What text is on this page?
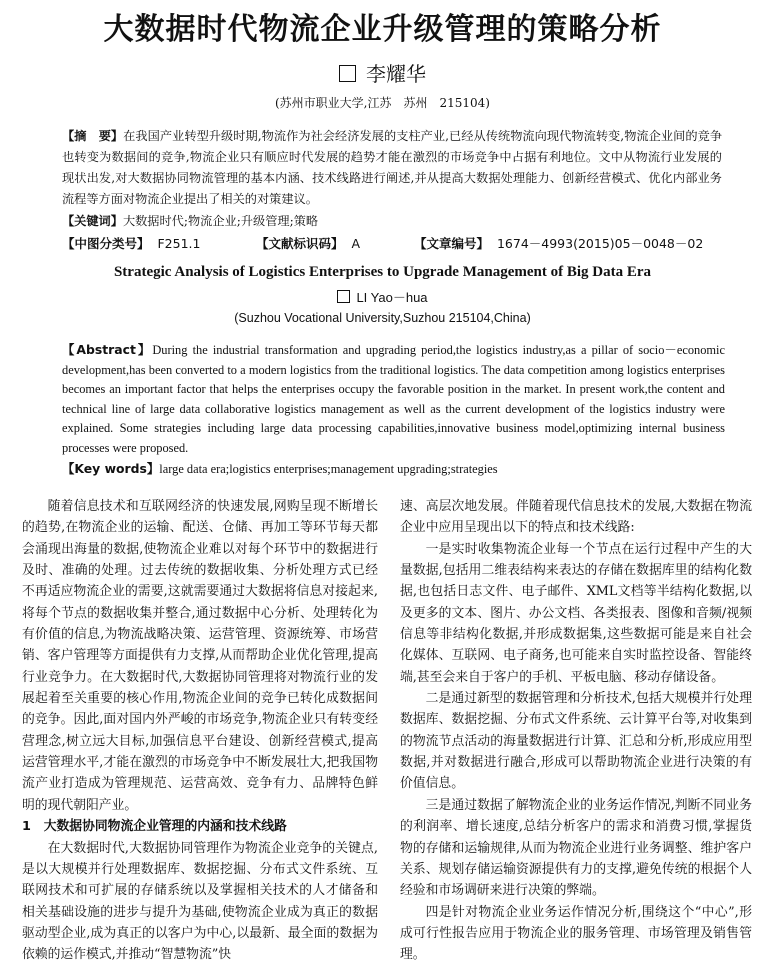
大数据时代物流企业升级管理的策略分析
李耀华
(苏州市职业大学,江苏　苏州　215104)
【摘　要】在我国产业转型升级时期,物流作为社会经济发展的支柱产业,已经从传统物流向现代物流转变,物流企业间的竞争也转变为数据间的竞争,物流企业只有顺应时代发展的趋势才能在激烈的市场竞争中占据有利地位。文中从物流行业发展的现状出发,对大数据协同物流管理的基本内涵、技术线路进行阐述,并从提高大数据处理能力、创新经营模式、优化内部业务流程等方面对物流企业提出了相关的对策建议。
【关键词】大数据时代;物流企业;升级管理;策略
【中图分类号】 F251.1	【文献标识码】 A	【文章编号】 1674－4993(2015)05－0048－02
Strategic Analysis of Logistics Enterprises to Upgrade Management of Big Data Era
LI Yao－hua
(Suzhou Vocational University,Suzhou 215104,China)
【Abstract】During the industrial transformation and upgrading period,the logistics industry,as a pillar of socio－economic development,has been converted to a modern logistics from the traditional logistics. The data competition among logistics enterprises becomes an important factor that helps the enterprises occupy the favorable position in the market. In present work,the content and technical line of large data collaborative logistics management as well as the current development of the logistics industry were explained. Some strategies including large data processing capabilities,innovative business model,optimizing internal business processes were proposed.
【Key words】large data era;logistics enterprises;management upgrading;strategies

随着信息技术和互联网经济的快速发展,网购呈现不断增长的趋势,在物流企业的运输、配送、仓储、再加工等环节每天都会涌现出海量的数据,使物流企业难以对每个环节中的数据进行及时、准确的处理。过去传统的数据收集、分析处理方式已经不再适应物流企业的需要,这就需要通过大数据将信息对接起来,将每个节点的数据收集并整合,通过数据中心分析、处理转化为有价值的信息,为物流战略决策、运营管理、资源统筹、市场营销、客户管理等方面提供有力支撑,从而帮助企业优化管理,提高行业竞争力。在大数据时代,大数据协同管理将对物流行业的发展起着至关重要的核心作用,物流企业间的竞争已转化成数据间的竞争。因此,面对国内外严峻的市场竞争,物流企业只有转变经营理念,树立远大目标,加强信息平台建设、创新经营模式,提高运营管理水平,才能在激烈的市场竞争中不断发展壮大,把我国物流产业打造成为管理规范、运营高效、竞争有力、品牌特色鲜明的现代朝阳产业。

1　大数据协同物流企业管理的内涵和技术线路

在大数据时代,大数据协同管理作为物流企业竞争的关键点,是以大规模并行处理数据库、数据挖掘、分布式文件系统、互联网技术和可扩展的存储系统以及掌握相关技术的人才储备和相关基础设施的进步与提升为基础,使物流企业成为真正的数据驱动型企业,成为真正的以客户为中心,以最新、最全面的数据为依赖的运作模式,并推动“智慧物流”快

速、高层次地发展。伴随着现代信息技术的发展,大数据在物流企业中应用呈现出以下的特点和技术线路:

一是实时收集物流企业每一个节点在运行过程中产生的大量数据,包括用二维表结构来表达的存储在数据库里的结构化数据,也包括日志文件、电子邮件、XML文档等半结构化数据,以及更多的文本、图片、办公文档、各类报表、图像和音频/视频信息等非结构化数据,并形成数据集,这些数据可能是来自社会化媒体、互联网、电子商务,也可能来自实时监控设备、智能终端,甚至会来自于客户的手机、平板电脑、移动存储设备。

二是通过新型的数据管理和分析技术,包括大规模并行处理数据库、数据挖掘、分布式文件系统、云计算平台等,对收集到的物流节点活动的海量数据进行计算、汇总和分析,形成应用型数据,并对数据进行融合,形成可以帮助物流企业进行决策的有价值信息。

三是通过数据了解物流企业的业务运作情况,判断不同业务的利润率、增长速度,总结分析客户的需求和消费习惯,掌握货物的存储和运输规律,从而为物流企业进行业务调整、维护客户关系、规划存储运输资源提供有力的支撑,避免传统的根据个人经验和市场调研来进行决策的弊端。

四是针对物流企业业务运作情况分析,围绕这个“中心”,形成可行性报告应用于物流企业的服务管理、市场管理及销售管理。
